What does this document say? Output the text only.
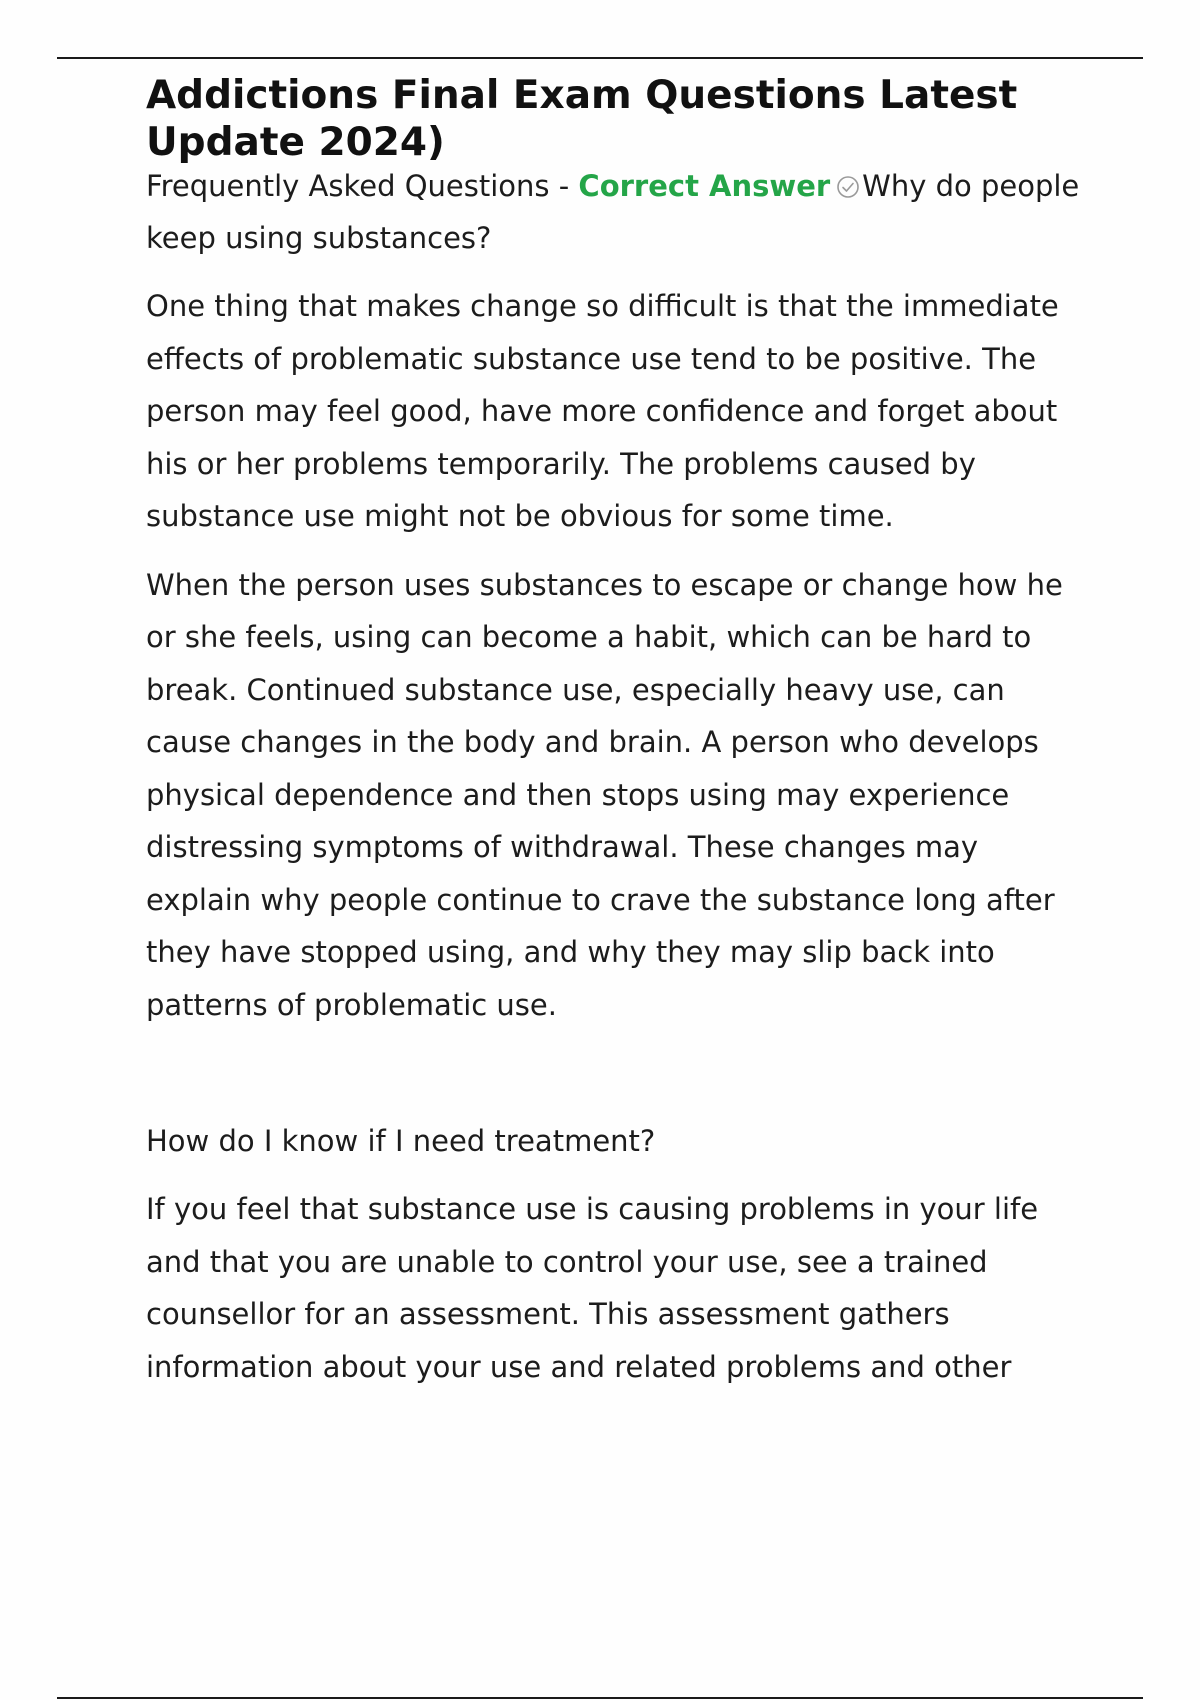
Addictions Final Exam Questions Latest Update 2024)

Frequently Asked Questions - Correct Answer Why do people keep using substances?

One thing that makes change so difficult is that the immediate effects of problematic substance use tend to be positive. The person may feel good, have more confidence and forget about his or her problems temporarily. The problems caused by substance use might not be obvious for some time.

When the person uses substances to escape or change how he or she feels, using can become a habit, which can be hard to break. Continued substance use, especially heavy use, can cause changes in the body and brain. A person who develops physical dependence and then stops using may experience distressing symptoms of withdrawal. These changes may explain why people continue to crave the substance long after they have stopped using, and why they may slip back into patterns of problematic use.

How do I know if I need treatment?

If you feel that substance use is causing problems in your life and that you are unable to control your use, see a trained counsellor for an assessment. This assessment gathers information about your use and related problems and other
